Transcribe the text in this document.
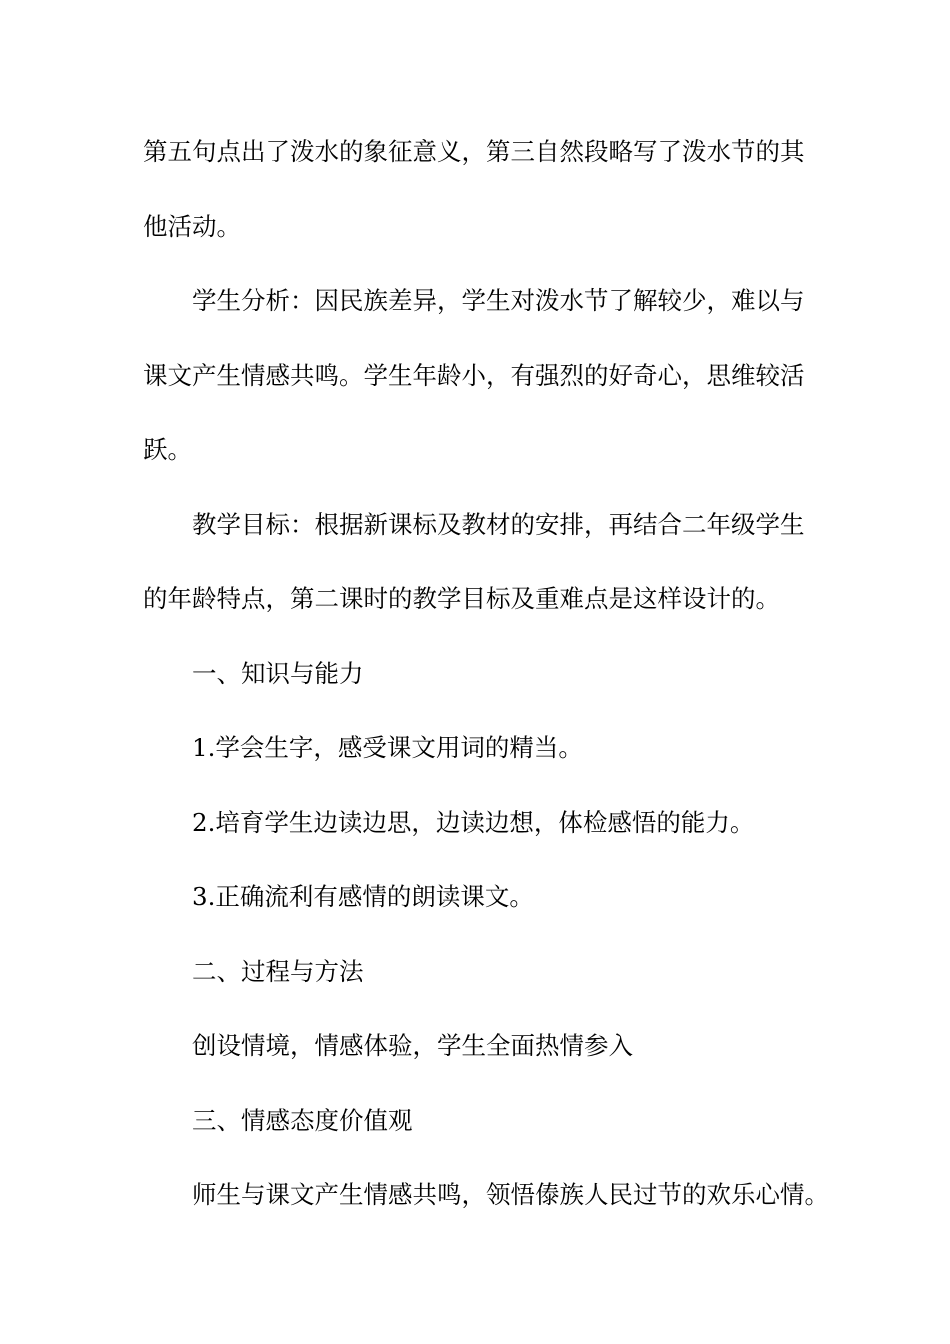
第五句点出了泼水的象征意义，第三自然段略写了泼水节的其
他活动。
学生分析：因民族差异，学生对泼水节了解较少，难以与
课文产生情感共鸣。学生年龄小，有强烈的好奇心，思维较活
跃。
教学目标：根据新课标及教材的安排，再结合二年级学生
的年龄特点，第二课时的教学目标及重难点是这样设计的。
一、知识与能力
1.学会生字，感受课文用词的精当。
2.培育学生边读边思，边读边想，体检感悟的能力。
3.正确流利有感情的朗读课文。
二、过程与方法
创设情境，情感体验，学生全面热情参入
三、情感态度价值观
师生与课文产生情感共鸣，领悟傣族人民过节的欢乐心情。
